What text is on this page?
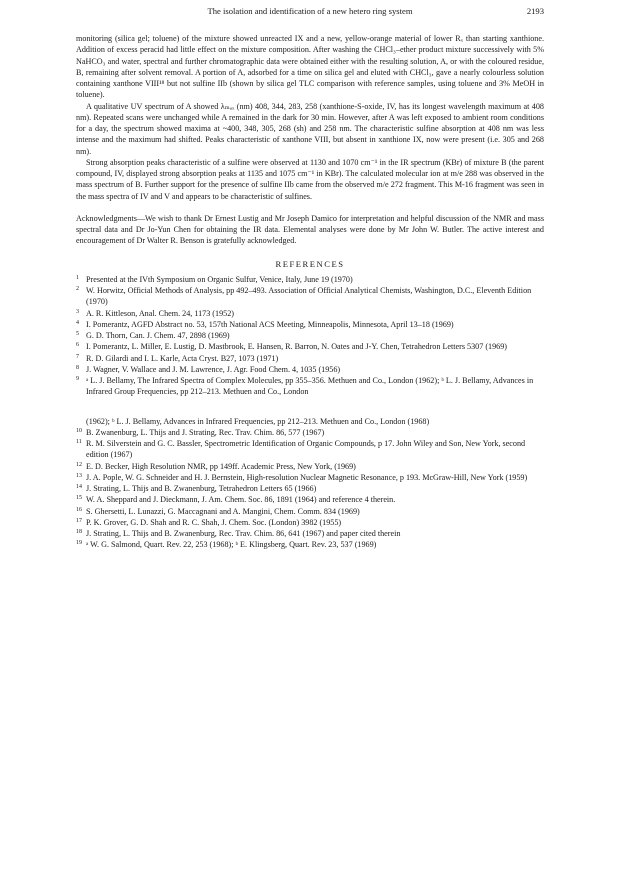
The isolation and identification of a new hetero ring system	2193

monitoring (silica gel; toluene) of the mixture showed unreacted IX and a new, yellow-orange material of lower Rₓ than starting xanthione. Addition of excess peracid had little effect on the mixture composition. After washing the CHCl₃–ether product mixture successively with 5% NaHCO₃ and water, spectral and further chromatographic data were obtained either with the resulting solution, A, or with the coloured residue, B, remaining after solvent removal. A portion of A, adsorbed for a time on silica gel and eluted with CHCl₃, gave a nearly colourless solution containing xanthone VIII¹⁸ but not sulfine IIb (shown by silica gel TLC comparison with reference samples, using toluene and 3% MeOH in toluene).

A qualitative UV spectrum of A showed λₘₐₓ (nm) 408, 344, 283, 258 (xanthione-S-oxide, IV, has its longest wavelength maximum at 408 nm). Repeated scans were unchanged while A remained in the dark for 30 min. However, after A was left exposed to ambient room conditions for a day, the spectrum showed maxima at ~400, 348, 305, 268 (sh) and 258 nm. The characteristic sulfine absorption at 408 nm was less intense and the maximum had shifted. Peaks characteristic of xanthone VIII, but absent in xanthione IX, now were present (i.e. 305 and 268 nm).

Strong absorption peaks characteristic of a sulfine were observed at 1130 and 1070 cm⁻¹ in the IR spectrum (KBr) of mixture B (the parent compound, IV, displayed strong absorption peaks at 1135 and 1075 cm⁻¹ in KBr). The calculated molecular ion at m/e 288 was observed in the mass spectrum of B. Further support for the presence of sulfine IIb came from the observed m/e 272 fragment. This M-16 fragment was seen in the mass spectra of IV and V and appears to be characteristic of sulfines.

Acknowledgments—We wish to thank Dr Ernest Lustig and Mr Joseph Damico for interpretation and helpful discussion of the NMR and mass spectral data and Dr Jo-Yun Chen for obtaining the IR data. Elemental analyses were done by Mr John W. Butler. The active interest and encouragement of Dr Walter R. Benson is gratefully acknowledged.

REFERENCES

1 Presented at the IVth Symposium on Organic Sulfur, Venice, Italy, June 19 (1970)

2 W. Horwitz, Official Methods of Analysis, pp 492–493. Association of Official Analytical Chemists, Washington, D.C., Eleventh Edition (1970)

3 A. R. Kittleson, Anal. Chem. 24, 1173 (1952)

4 I. Pomerantz, AGFD Abstract no. 53, 157th National ACS Meeting, Minneapolis, Minnesota, April 13–18 (1969)

5 G. D. Thorn, Can. J. Chem. 47, 2898 (1969)

6 I. Pomerantz, L. Miller, E. Lustig, D. Mastbrook, E. Hansen, R. Barron, N. Oates and J-Y. Chen, Tetrahedron Letters 5307 (1969)

7 R. D. Gilardi and I. L. Karle, Acta Cryst. B27, 1073 (1971)

8 J. Wagner, V. Wallace and J. M. Lawrence, J. Agr. Food Chem. 4, 1035 (1956)

9 ᵃ L. J. Bellamy, The Infrared Spectra of Complex Molecules, pp 355–356. Methuen and Co., London (1962); ᵇ L. J. Bellamy, Advances in Infrared Group Frequencies, pp 212–213. Methuen and Co., London

(1962); ᵇ L. J. Bellamy, Advances in Infrared Frequencies, pp 212–213. Methuen and Co., London (1968)

10 B. Zwanenburg, L. Thijs and J. Strating, Rec. Trav. Chim. 86, 577 (1967)

11 R. M. Silverstein and G. C. Bassler, Spectrometric Identification of Organic Compounds, p 17. John Wiley and Son, New York, second edition (1967)

12 E. D. Becker, High Resolution NMR, pp 149ff. Academic Press, New York, (1969)

13 J. A. Pople, W. G. Schneider and H. J. Bernstein, High-resolution Nuclear Magnetic Resonance, p 193. McGraw-Hill, New York (1959)

14 J. Strating, L. Thijs and B. Zwanenburg, Tetrahedron Letters 65 (1966)

15 W. A. Sheppard and J. Dieckmann, J. Am. Chem. Soc. 86, 1891 (1964) and reference 4 therein.

16 S. Ghersetti, L. Lunazzi, G. Maccagnani and A. Mangini, Chem. Comm. 834 (1969)

17 P. K. Grover, G. D. Shah and R. C. Shah, J. Chem. Soc. (London) 3982 (1955)

18 J. Strating, L. Thijs and B. Zwanenburg, Rec. Trav. Chim. 86, 641 (1967) and paper cited therein

19 ᵃ W. G. Salmond, Quart. Rev. 22, 253 (1968); ᵇ E. Klingsberg, Quart. Rev. 23, 537 (1969)
